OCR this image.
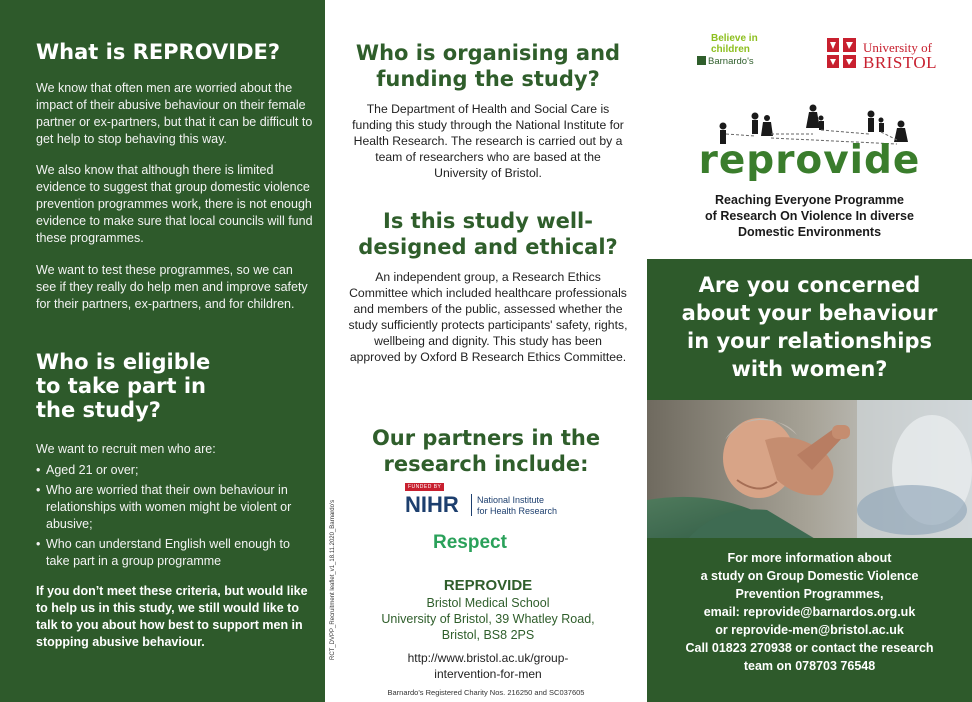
What is REPROVIDE?

We know that often men are worried about the impact of their abusive behaviour on their female partner or ex-partners, but that it can be difficult to get help to stop behaving this way.

We also know that although there is limited evidence to suggest that group domestic violence prevention programmes work, there is not enough evidence to make sure that local councils will fund these programmes.

We want to test these programmes, so we can see if they really do help men and improve safety for their partners, ex-partners, and for children.

Who is eligible
to take part in
the study?

We want to recruit men who are:

• Aged 21 or over;
• Who are worried that their own behaviour in relationships with women might be violent or abusive;
• Who can understand English well enough to take part in a group programme

If you don’t meet these criteria, but would like to help us in this study, we still would like to talk to you about how best to support men in stopping abusive behaviour.

Who is organising and funding the study?

The Department of Health and Social Care is funding this study through the National Institute for Health Research. The research is carried out by a team of researchers who are based at the University of Bristol.

Is this study well-designed and ethical?

An independent group, a Research Ethics Committee which included healthcare professionals and members of the public, assessed whether the study sufficiently protects participants' safety, rights, wellbeing and dignity. This study has been approved by Oxford B Research Ethics Committee.

Our partners in the research include:
FUNDED BY
NIHR National Institute
for Health Research
Respect
REPROVIDE
Bristol Medical School
University of Bristol, 39 Whatley Road,
Bristol, BS8 2PS
http://www.bristol.ac.uk/group-
intervention-for-men
Barnardo's Registered Charity Nos. 216250 and SC037605
RCT_DVPP_Recruitment leaflet_v1_18.11.2020_Barnardo's
Believe in
children
Barnardo's
University of
BRISTOL
reprovide
Reaching Everyone Programme
of Research On Violence In diverse
Domestic Environments
Are you concerned
about your behaviour
in your relationships
with women?

For more information about

a study on Group Domestic Violence

Prevention Programmes,

email: reprovide@barnardos.org.uk

or reprovide-men@bristol.ac.uk

Call 01823 270938 or contact the research

team on 078703 76548
